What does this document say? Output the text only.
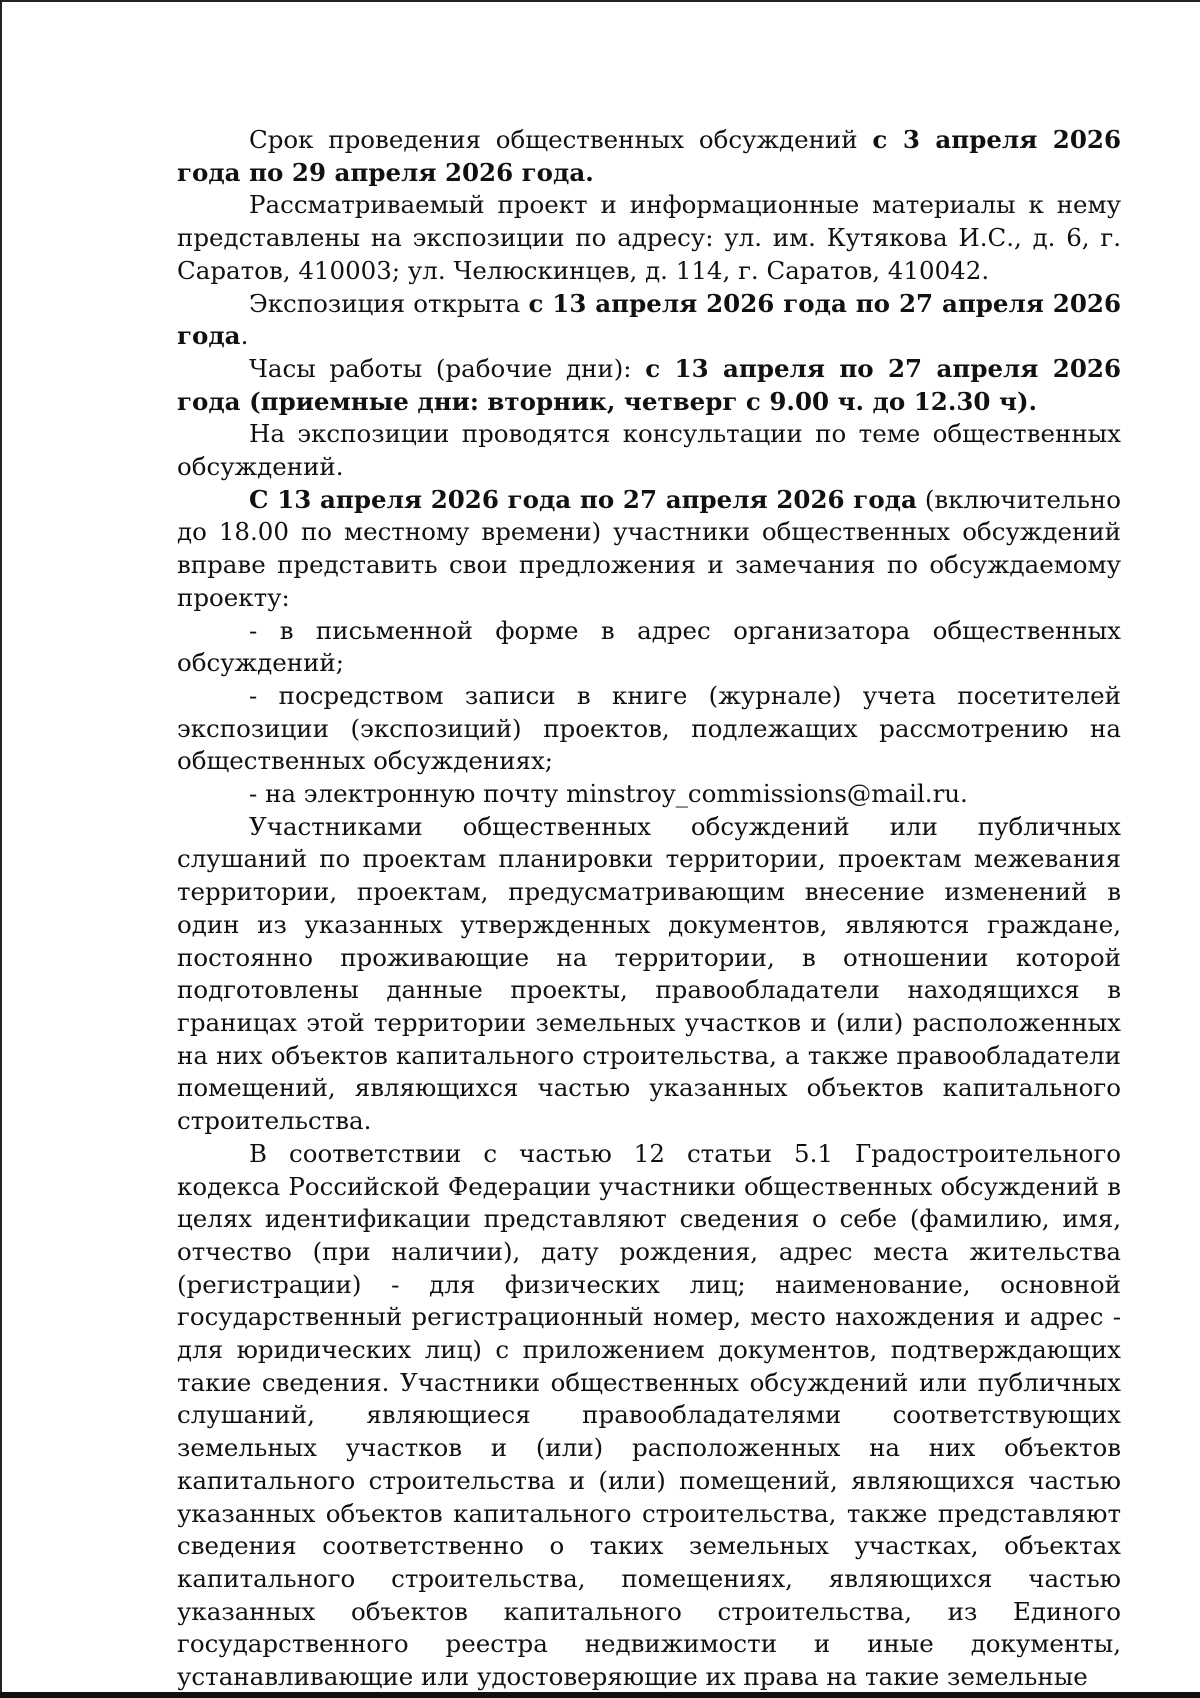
Срок проведения общественных обсуждений с 3 апреля 2026 года по 29 апреля 2026 года.

Рассматриваемый проект и информационные материалы к нему представлены на экспозиции по адресу: ул. им. Кутякова И.С., д. 6, г. Саратов, 410003; ул. Челюскинцев, д. 114, г. Саратов, 410042.

Экспозиция открыта с 13 апреля 2026 года по 27 апреля 2026 года.

Часы работы (рабочие дни): с 13 апреля по 27 апреля 2026 года (приемные дни: вторник, четверг с 9.00 ч. до 12.30 ч).

На экспозиции проводятся консультации по теме общественных обсуждений.

С 13 апреля 2026 года по 27 апреля 2026 года (включительно до 18.00 по местному времени) участники общественных обсуждений вправе представить свои предложения и замечания по обсуждаемому проекту:

- в письменной форме в адрес организатора общественных обсуждений;

- посредством записи в книге (журнале) учета посетителей экспозиции (экспозиций) проектов, подлежащих рассмотрению на общественных обсуждениях;

- на электронную почту minstroy_commissions@mail.ru.

Участниками общественных обсуждений или публичных слушаний по проектам планировки территории, проектам межевания территории, проектам, предусматривающим внесение изменений в один из указанных утвержденных документов, являются граждане, постоянно проживающие на территории, в отношении которой подготовлены данные проекты, правообладатели находящихся в границах этой территории земельных участков и (или) расположенных на них объектов капитального строительства, а также правообладатели помещений, являющихся частью указанных объектов капитального строительства.

В соответствии с частью 12 статьи 5.1 Градостроительного кодекса Российской Федерации участники общественных обсуждений в целях идентификации представляют сведения о себе (фамилию, имя, отчество (при наличии), дату рождения, адрес места жительства (регистрации) - для физических лиц; наименование, основной государственный регистрационный номер, место нахождения и адрес - для юридических лиц) с приложением документов, подтверждающих такие сведения. Участники общественных обсуждений или публичных слушаний, являющиеся правообладателями соответствующих земельных участков и (или) расположенных на них объектов капитального строительства и (или) помещений, являющихся частью указанных объектов капитального строительства, также представляют сведения соответственно о таких земельных участках, объектах капитального строительства, помещениях, являющихся частью указанных объектов капитального строительства, из Единого государственного реестра недвижимости и иные документы, устанавливающие или удостоверяющие их права на такие земельные
